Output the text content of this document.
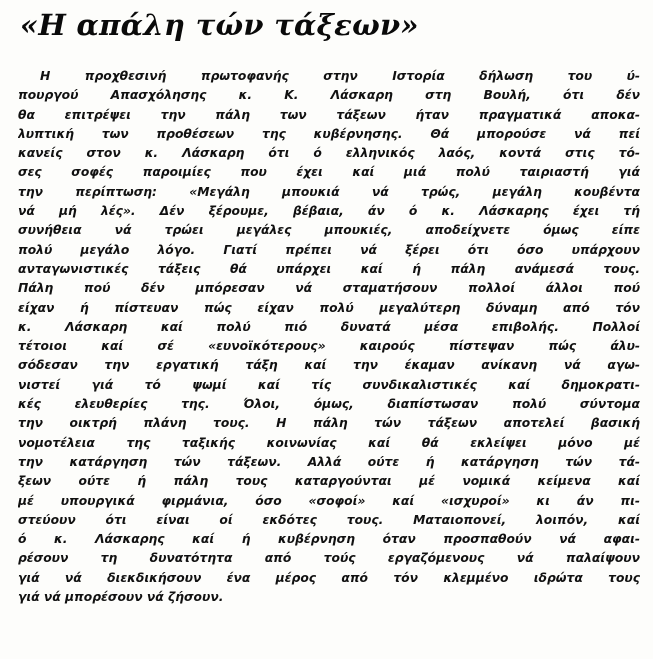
«Η απάλη τών τάξεων»
Η προχθεσινή πρωτοφανής στην Ιστορία δήλωση του ύ-
πουργού Απασχόλησης κ. Κ. Λάσκαρη στη Βουλή, ότι δέν
θα επιτρέψει την πάλη των τάξεων ήταν πραγματικά αποκα-
λυπτική των προθέσεων της κυβέρνησης. Θά μπορούσε νά πεί
κανείς στον κ. Λάσκαρη ότι ό ελληνικός λαός, κοντά στις τό-
σες σοφές παροιμίες που έχει καί μιά πολύ ταιριαστή γιά
την περίπτωση: «Μεγάλη μπουκιά νά τρώς, μεγάλη κουβέντα
νά μή λές». Δέν ξέρουμε, βέβαια, άν ό κ. Λάσκαρης έχει τή
συνήθεια νά τρώει μεγάλες μπουκιές, αποδείχνετε όμως είπε
πολύ μεγάλο λόγο. Γιατί πρέπει νά ξέρει ότι όσο υπάρχουν
ανταγωνιστικές τάξεις θά υπάρχει καί ή πάλη ανάμεσά τους.
Πάλη πού δέν μπόρεσαν νά σταματήσουν πολλοί άλλοι πού
είχαν ή πίστευαν πώς είχαν πολύ μεγαλύτερη δύναμη από τόν
κ. Λάσκαρη καί πολύ πιό δυνατά μέσα επιβολής. Πολλοί
τέτοιοι καί σέ «ευνοϊκότερους» καιρούς πίστεψαν πώς άλυ-
σόδεσαν την εργατική τάξη καί την έκαμαν ανίκανη νά αγω-
νιστεί γιά τό ψωμί καί τίς συνδικαλιστικές καί δημοκρατι-
κές ελευθερίες της. Όλοι, όμως, διαπίστωσαν πολύ σύντομα
την οικτρή πλάνη τους. Η πάλη τών τάξεων αποτελεί βασική
νομοτέλεια της ταξικής κοινωνίας καί θά εκλείψει μόνο μέ
την κατάργηση τών τάξεων. Αλλά ούτε ή κατάργηση τών τά-
ξεων ούτε ή πάλη τους καταργούνται μέ νομικά κείμενα καί
μέ υπουργικά φιρμάνια, όσο «σοφοί» καί «ισχυροί» κι άν πι-
στεύουν ότι είναι οί εκδότες τους. Ματαιοπονεί, λοιπόν, καί
ό κ. Λάσκαρης καί ή κυβέρνηση όταν προσπαθούν νά αφαι-
ρέσουν τη δυνατότητα από τούς εργαζόμενους νά παλαίψουν
γιά νά διεκδικήσουν ένα μέρος από τόν κλεμμένο ιδρώτα τους
γιά νά μπορέσουν νά ζήσουν.
